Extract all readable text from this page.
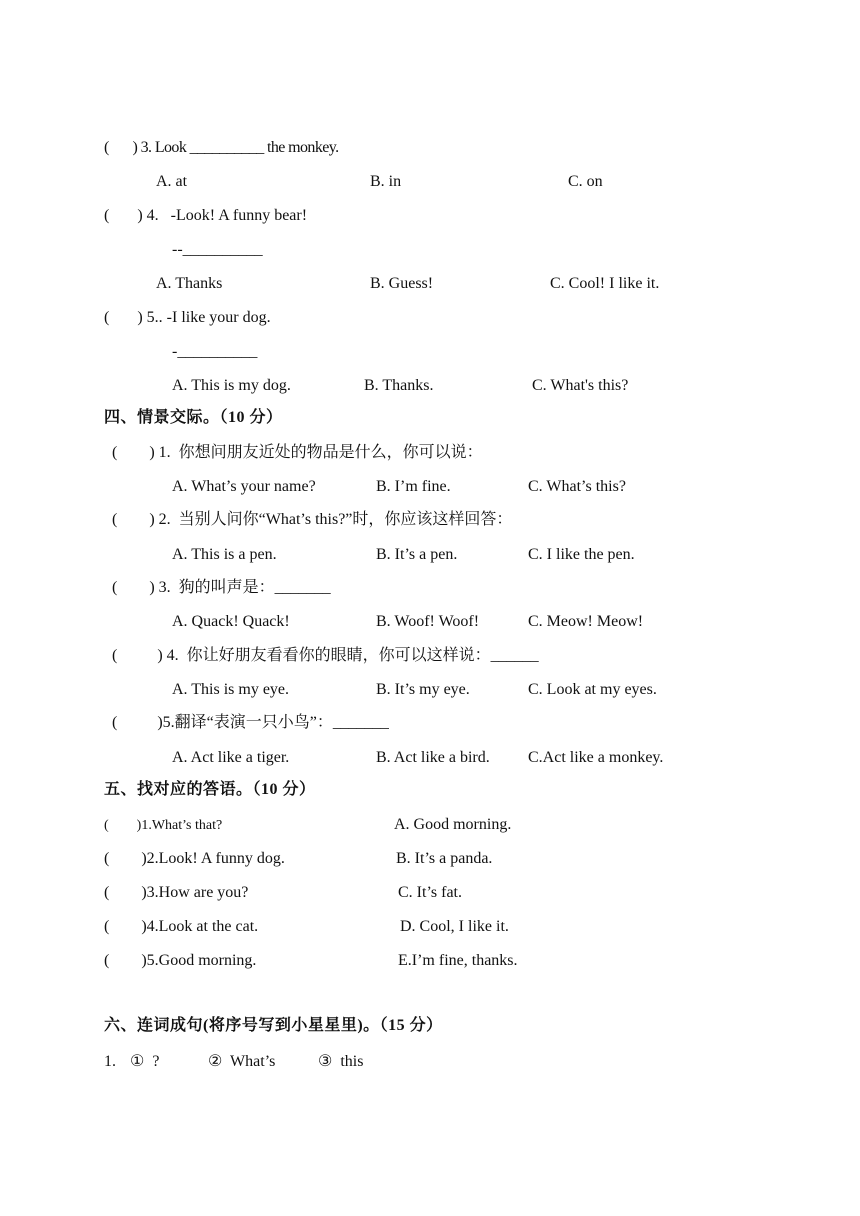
(       ) 3. Look __________ the monkey.
A. at	B. in	C. on
(       ) 4.   -Look! A funny bear!
--__________
A. Thanks	B. Guess!	C. Cool! I like it.
(       ) 5.. -I like your dog.
-__________
A. This is my dog.	B. Thanks.	C. What's this?
四、情景交际。（10 分）
(        ) 1.  你想问朋友近处的物品是什么，你可以说：
A. What’s your name?	B. I’m fine.	C. What’s this?
(        ) 2.  当别人问你“What’s this?”时，你应该这样回答：
A. This is a pen.	B. It’s a pen.	C. I like the pen.
(        ) 3.  狗的叫声是：_______
A. Quack! Quack!	B. Woof! Woof!	C. Meow! Meow!
(          ) 4.  你让好朋友看看你的眼睛，你可以这样说：______
A. This is my eye.	B. It’s my eye.	C. Look at my eyes.
(          )5.翻译“表演一只小鸟”：_______
A. Act like a tiger.	B. Act like a bird. C.Act like a monkey.
五、找对应的答语。（10 分）
(        )1.What’s that?	A. Good morning.
(        )2.Look! A funny dog.	B. It’s a panda.
(        )3.How are you?	C. It’s fat.
(        )4.Look at the cat.	D. Cool, I like it.
(        )5.Good morning.	E.I’m fine, thanks.
六、连词成句(将序号写到小星星里)。（15 分）
1. ①  ?	②  What’s	③  this
